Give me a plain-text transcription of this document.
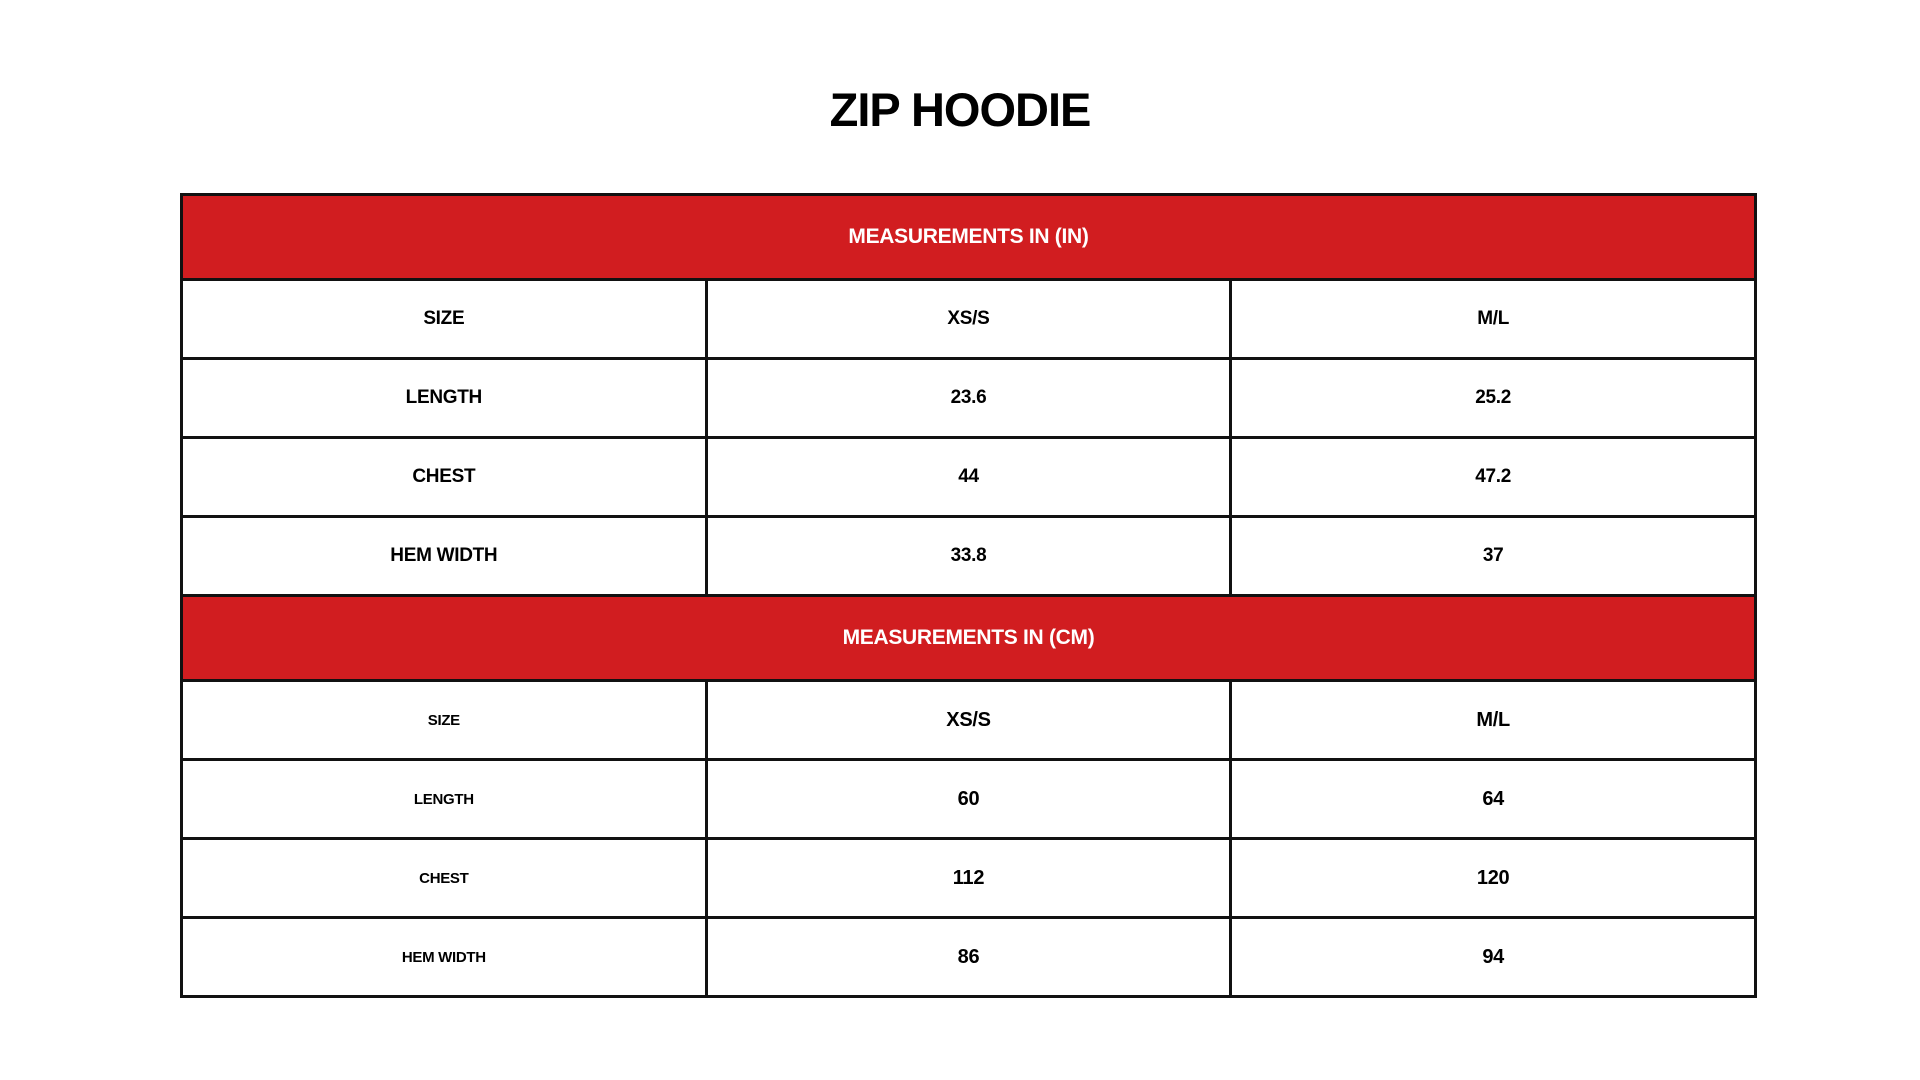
ZIP HOODIE
MEASUREMENTS IN (IN)		
SIZE	XS/S	M/L
LENGTH	23.6	25.2
CHEST	44	47.2
HEM WIDTH	33.8	37
MEASUREMENTS IN (CM)		
SIZE	XS/S	M/L
LENGTH	60	64
CHEST	112	120
HEM WIDTH	86	94
